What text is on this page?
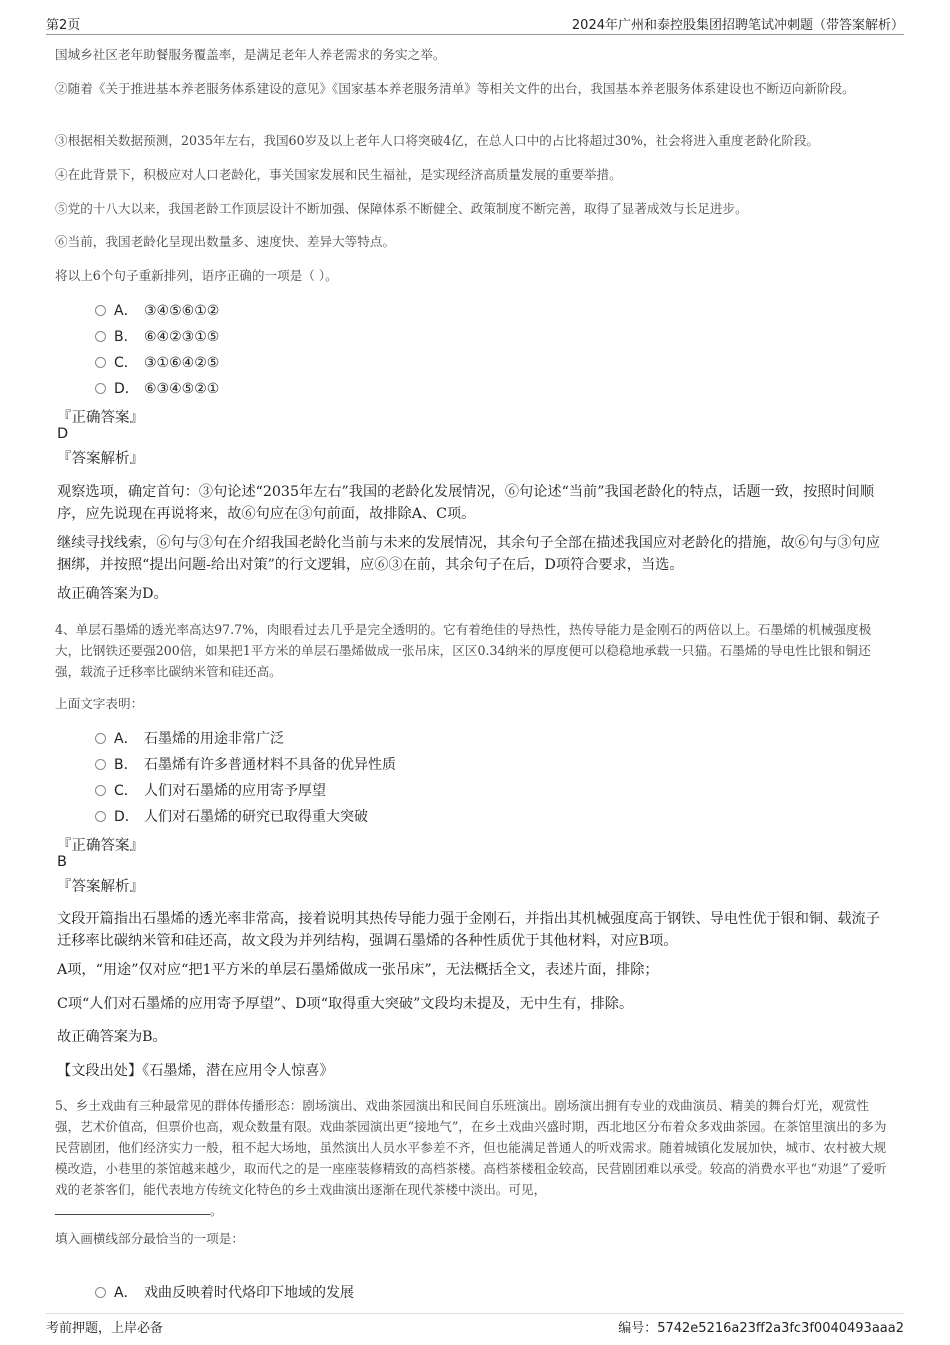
第2页	2024年广州和泰控股集团招聘笔试冲刺题（带答案解析）

国城乡社区老年助餐服务覆盖率，是满足老年人养老需求的务实之举。

②随着《关于推进基本养老服务体系建设的意见》《国家基本养老服务清单》等相关文件的出台，我国基本养老服务体系建设也不断迈向新阶段。

③根据相关数据预测，2035年左右，我国60岁及以上老年人口将突破4亿，在总人口中的占比将超过30%，社会将进入重度老龄化阶段。

④在此背景下，积极应对人口老龄化，事关国家发展和民生福祉，是实现经济高质量发展的重要举措。

⑤党的十八大以来，我国老龄工作顶层设计不断加强、保障体系不断健全、政策制度不断完善，取得了显著成效与长足进步。

⑥当前，我国老龄化呈现出数量多、速度快、差异大等特点。

将以上6个句子重新排列，语序正确的一项是（ ）。

A． ③④⑤⑥①②
B． ⑥④②③①⑤
C． ③①⑥④②⑤
D． ⑥③④⑤②①
『正确答案』
D
『答案解析』

观察选项，确定首句：③句论述“2035年左右”我国的老龄化发展情况，⑥句论述“当前”我国老龄化的特点，话题一致，按照时间顺序，应先说现在再说将来，故⑥句应在③句前面，故排除A、C项。

继续寻找线索，⑥句与③句在介绍我国老龄化当前与未来的发展情况，其余句子全部在描述我国应对老龄化的措施，故⑥句与③句应捆绑，并按照“提出问题-给出对策”的行文逻辑，应⑥③在前，其余句子在后，D项符合要求，当选。

故正确答案为D。

4、单层石墨烯的透光率高达97.7%，肉眼看过去几乎是完全透明的。它有着绝佳的导热性，热传导能力是金刚石的两倍以上。石墨烯的机械强度极大，比钢铁还要强200倍，如果把1平方米的单层石墨烯做成一张吊床，区区0.34纳米的厚度便可以稳稳地承载一只猫。石墨烯的导电性比银和铜还强，载流子迁移率比碳纳米管和硅还高。

上面文字表明：

A． 石墨烯的用途非常广泛
B． 石墨烯有许多普通材料不具备的优异性质
C． 人们对石墨烯的应用寄予厚望
D． 人们对石墨烯的研究已取得重大突破
『正确答案』
B
『答案解析』

文段开篇指出石墨烯的透光率非常高，接着说明其热传导能力强于金刚石，并指出其机械强度高于钢铁、导电性优于银和铜、载流子迁移率比碳纳米管和硅还高，故文段为并列结构，强调石墨烯的各种性质优于其他材料，对应B项。

A项，“用途”仅对应“把1平方米的单层石墨烯做成一张吊床”，无法概括全文，表述片面，排除；

C项“人们对石墨烯的应用寄予厚望”、D项“取得重大突破”文段均未提及，无中生有，排除。

故正确答案为B。

【文段出处】《石墨烯，潜在应用令人惊喜》

5、乡土戏曲有三种最常见的群体传播形态：剧场演出、戏曲茶园演出和民间自乐班演出。剧场演出拥有专业的戏曲演员、精美的舞台灯光，观赏性强，艺术价值高，但票价也高，观众数量有限。戏曲茶园演出更“接地气”，在乡土戏曲兴盛时期，西北地区分布着众多戏曲茶园。在茶馆里演出的多为民营剧团，他们经济实力一般，租不起大场地，虽然演出人员水平参差不齐，但也能满足普通人的听戏需求。随着城镇化发展加快，城市、农村被大规模改造，小巷里的茶馆越来越少，取而代之的是一座座装修精致的高档茶楼。高档茶楼租金较高，民营剧团难以承受。较高的消费水平也“劝退”了爱听戏的老茶客们，能代表地方传统文化特色的乡土戏曲演出逐渐在现代茶楼中淡出。可见，
。

填入画横线部分最恰当的一项是：

A． 戏曲反映着时代烙印下地域的发展
考前押题，上岸必备	编号：5742e5216a23ff2a3fc3f0040493aaa2
